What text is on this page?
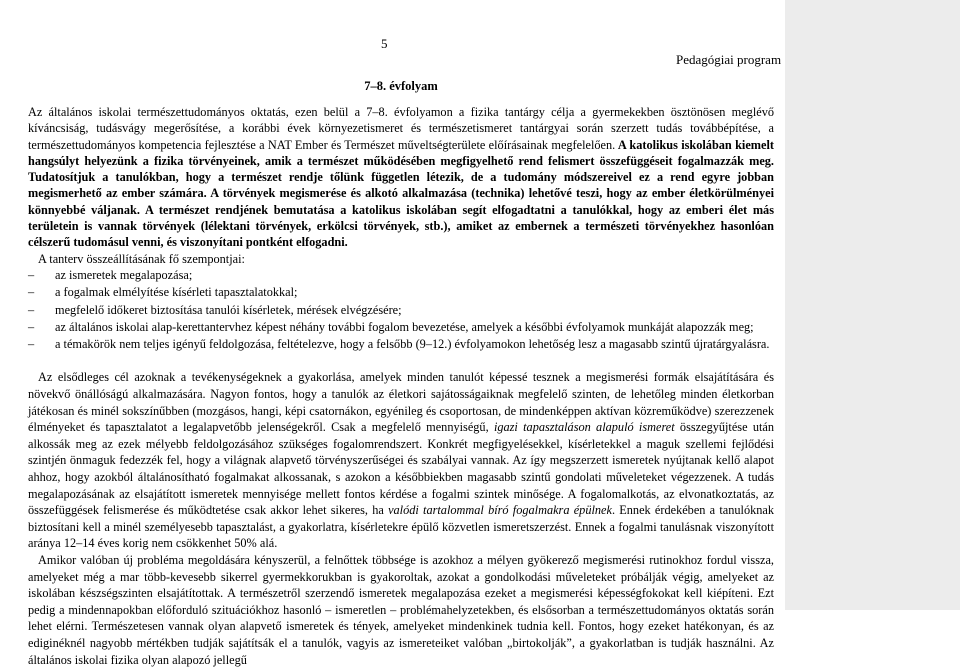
5
Pedagógiai program
7–8. évfolyam

Az általános iskolai természettudományos oktatás, ezen belül a 7–8. évfolyamon a fizika tantárgy célja a gyermekekben ösztönösen meglévő kíváncsiság, tudásvágy megerősítése, a korábbi évek környezetismeret és természetismeret tantárgyai során szerzett tudás továbbépítése, a természettudományos kompetencia fejlesztése a NAT Ember és Természet műveltségterülete előírásainak megfelelően. A katolikus iskolában kiemelt hangsúlyt helyezünk a fizika törvényeinek, amik a természet működésében megfigyelhető rend felismert összefüggéseit fogalmazzák meg. Tudatosítjuk a tanulókban, hogy a természet rendje tőlünk független létezik, de a tudomány módszereivel ez a rend egyre jobban megismerhető az ember számára. A törvények megismerése és alkotó alkalmazása (technika) lehetővé teszi, hogy az ember életkörülményei könnyebbé váljanak. A természet rendjének bemutatása a katolikus iskolában segít elfogadtatni a tanulókkal, hogy az emberi élet más területein is vannak törvények (lélektani törvények, erkölcsi törvények, stb.), amiket az embernek a természeti törvényekhez hasonlóan célszerű tudomásul venni, és viszonyítani pontként elfogadni.

A tanterv összeállításának fő szempontjai:

– az ismeretek megalapozása;
– a fogalmak elmélyítése kísérleti tapasztalatokkal;
– megfelelő időkeret biztosítása tanulói kísérletek, mérések elvégzésére;
– az általános iskolai alap-kerettantervhez képest néhány további fogalom bevezetése, amelyek a későbbi évfolyamok munkáját alapozzák meg;
– a témakörök nem teljes igényű feldolgozása, feltételezve, hogy a felsőbb (9–12.) évfolyamokon lehetőség lesz a magasabb szintű újratárgyalásra.

Az elsődleges cél azoknak a tevékenységeknek a gyakorlása, amelyek minden tanulót képessé tesznek a megismerési formák elsajátítására és növekvő önállóságú alkalmazására. Nagyon fontos, hogy a tanulók az életkori sajátosságaiknak megfelelő szinten, de lehetőleg minden életkorban játékosan és minél sokszínűbben (mozgásos, hangi, képi csatornákon, egyénileg és csoportosan, de mindenképpen aktívan közreműködve) szerezzenek élményeket és tapasztalatot a legalapvetőbb jelenségekről. Csak a megfelelő mennyiségű, igazi tapasztaláson alapuló ismeret összegyűjtése után alkossák meg az ezek mélyebb feldolgozásához szükséges fogalomrendszert. Konkrét megfigyelésekkel, kísérletekkel a maguk szellemi fejlődési szintjén önmaguk fedezzék fel, hogy a világnak alapvető törvényszerűségei és szabályai vannak. Az így megszerzett ismeretek nyújtanak kellő alapot ahhoz, hogy azokból általánosítható fogalmakat alkossanak, s azokon a későbbiekben magasabb szintű gondolati műveleteket végezzenek. A tudás megalapozásának az elsajátított ismeretek mennyisége mellett fontos kérdése a fogalmi szintek minősége. A fogalomalkotás, az elvonatkoztatás, az összefüggések felismerése és működtetése csak akkor lehet sikeres, ha valódi tartalommal bíró fogalmakra épülnek. Ennek érdekében a tanulóknak biztosítani kell a minél személyesebb tapasztalást, a gyakorlatra, kísérletekre épülő közvetlen ismeretszerzést. Ennek a fogalmi tanulásnak viszonyított aránya 12–14 éves korig nem csökkenhet 50% alá.

Amikor valóban új probléma megoldására kényszerül, a felnőttek többsége is azokhoz a mélyen gyökerező megismerési rutinokhoz fordul vissza, amelyeket még a mar több-kevesebb sikerrel gyermekkorukban is gyakoroltak, azokat a gondolkodási műveleteket próbálják végig, amelyeket az iskolában készségszinten elsajátítottak. A természetről szerzendő ismeretek megalapozása ezeket a megismerési képességfokokat kell kiépíteni. Ezt pedig a mindennapokban előforduló szituációkhoz hasonló – ismeretlen – problémahelyzetekben, és elsősorban a természettudományos oktatás során lehet elérni. Természetesen vannak olyan alapvető ismeretek és tények, amelyeket mindenkinek tudnia kell. Fontos, hogy ezeket hatékonyan, és az ediginéknél nagyobb mértékben tudják sajátítsák el a tanulók, vagyis az ismereteiket valóban „birtokolják”, a gyakorlatban is tudják használni. Az általános iskolai fizika olyan alapozó jellegű
